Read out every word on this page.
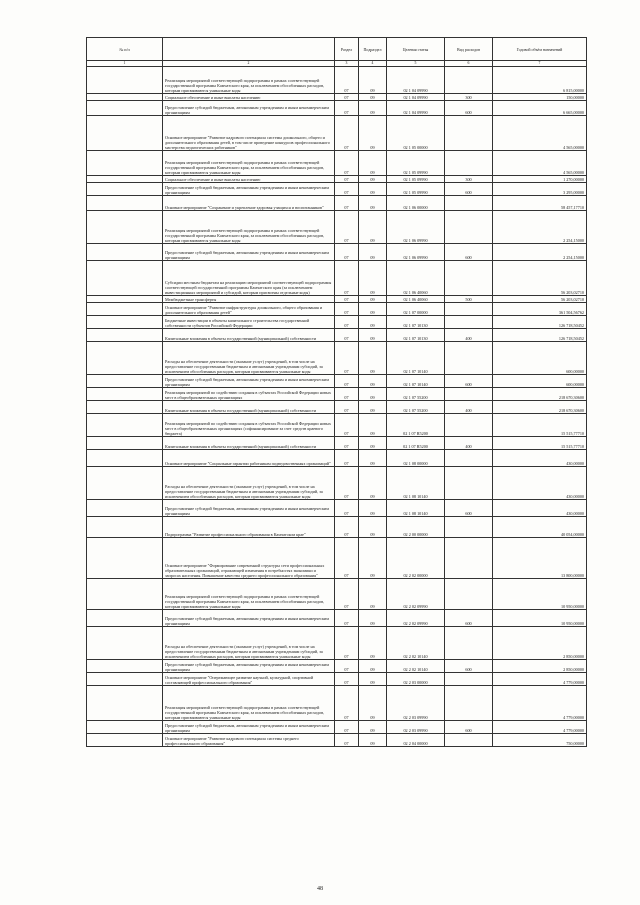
№ п/п		Раздел	Подраздел	Целевая статья	Вид расходов	Годовой объём назначений
1	2	3	4	5	6	7
	Реализация мероприятий соответствующей подпрограммы в рамках соответствующей государственной программы Камчатского края, за исключением обособленных расходов, которым присваиваются уникальные коды	07	09	02 1 04 09990		6 815,00000
	Социальное обеспечение и иные выплаты населению	07	09	02 1 04 09990	300	150,00000
	Предоставление субсидий бюджетным, автономным учреждениям и иным некоммерческим организациям	07	09	02 1 04 09990	600	6 665,00000
	Основное мероприятие "Развитие кадрового потенциала системы дошкольного, общего и дополнительного образования детей, в том числе проведение конкурсов профессионального мастерства педагогических работников"	07	09	02 1 05 00000		4 565,00000
	Реализация мероприятий соответствующей подпрограммы в рамках соответствующей государственной программы Камчатского края, за исключением обособленных расходов, которым присваиваются уникальные коды	07	09	02 1 05 09990		4 565,00000
	Социальное обеспечение и иные выплаты населению	07	09	02 1 05 09990	300	1 270,00000
	Предоставление субсидий бюджетным, автономным учреждениям и иным некоммерческим организациям	07	09	02 1 05 09990	600	3 295,00000
	Основное мероприятие "Сохранение и укрепление здоровья учащихся и воспитанников"	07	09	02 1 06 00000		58 457,17710
	Реализация мероприятий соответствующей подпрограммы в рамках соответствующей государственной программы Камчатского края, за исключением обособленных расходов, которым присваиваются уникальные коды	07	09	02 1 06 09990		2 254,15000
	Предоставление субсидий бюджетным, автономным учреждениям и иным некоммерческим организациям	07	09	02 1 06 09990	600	2 254,15000
	Субсидии местным бюджетам на реализацию мероприятий соответствующей подпрограммы соответствующей государственной программы Камчатского края (за исключением инвестиционных мероприятий и субсидий, которым присвоены отдельные коды)	07	09	02 1 06 40060		56 203,02710
	Межбюджетные трансферты	07	09	02 1 06 40060	500	56 203,02710
	Основное мероприятие "Развитие инфраструктуры дошкольного, общего образования и дополнительного образования детей"	07	09	02 1 07 00000		361 504,56762
	Бюджетные инвестиции в объекты капитального строительства государственной собственности субъектов Российской Федерации	07	09	02 1 07 10130		126 718,50452
	Капитальные вложения в объекты государственной (муниципальной) собственности	07	09	02 1 07 10130	400	126 718,50452
	Расходы на обеспечение деятельности (оказание услуг) учреждений, в том числе на предоставление государственным бюджетным и автономным учреждениям субсидий, за исключением обособленных расходов, которым присваиваются уникальные коды	07	09	02 1 07 10140		600,00000
	Предоставление субсидий бюджетным, автономным учреждениям и иным некоммерческим организациям	07	09	02 1 07 10140	600	600,00000
	Реализация мероприятий по содействию создания в субъектах Российской Федерации новых мест в общеобразовательных организациях	07	09	02 1 07 55200		218 670,30600
	Капитальные вложения в объекты государственной (муниципальной) собственности	07	09	02 1 07 55200	400	218 670,30600
	Реализация мероприятий по содействию создания в субъектах Российской Федерации новых мест в общеобразовательных организациях (софинансирование за счет средств краевого бюджета)	07	09	02 1 07 R5200		15 515,77710
	Капитальные вложения в объекты государственной (муниципальной) собственности	07	09	02 1 07 R5200	400	15 515,77710
	Основное мероприятие "Социальные гарантии работникам подведомственных организаций"	07	09	02 1 08 00000		430,00000
	Расходы на обеспечение деятельности (оказание услуг) учреждений, в том числе на предоставление государственным бюджетным и автономным учреждениям субсидий, за исключением обособленных расходов, которым присваиваются уникальные коды	07	09	02 1 08 10140		430,00000
	Предоставление субсидий бюджетным, автономным учреждениям и иным некоммерческим организациям	07	09	02 1 08 10140	600	430,00000
	Подпрограмма "Развитие профессионального образования в Камчатском крае"	07	09	02 2 00 00000		40 054,00000
	Основное мероприятие "Формирование современной структуры сети профессиональных образовательных организаций, отражающей изменения в потребностях экономики и запросах населения. Повышение качества среднего профессионального образования"	07	09	02 2 02 00000		13 800,00000
	Реализация мероприятий соответствующей подпрограммы в рамках соответствующей государственной программы Камчатского края, за исключением обособленных расходов, которым присваиваются уникальные коды	07	09	02 2 02 09990		10 950,00000
	Предоставление субсидий бюджетным, автономным учреждениям и иным некоммерческим организациям	07	09	02 2 02 09990	600	10 950,00000
	Расходы на обеспечение деятельности (оказание услуг) учреждений, в том числе на предоставление государственным бюджетным и автономным учреждениям субсидий, за исключением обособленных расходов, которым присваиваются уникальные коды	07	09	02 2 02 10140		2 850,00000
	Предоставление субсидий бюджетным, автономным учреждениям и иным некоммерческим организациям	07	09	02 2 02 10140	600	2 850,00000
	Основное мероприятие "Опережающее развитие научной, культурной, спортивной составляющей профессионального образования"	07	09	02 2 03 00000		4 779,00000
	Реализация мероприятий соответствующей подпрограммы в рамках соответствующей государственной программы Камчатского края, за исключением обособленных расходов, которым присваиваются уникальные коды	07	09	02 2 03 09990		4 779,00000
	Предоставление субсидий бюджетным, автономным учреждениям и иным некоммерческим организациям	07	09	02 2 03 09990	600	4 779,00000
	Основное мероприятие "Развитие кадрового потенциала системы среднего профессионального образования"	07	09	02 2 04 00000		750,00000
48
